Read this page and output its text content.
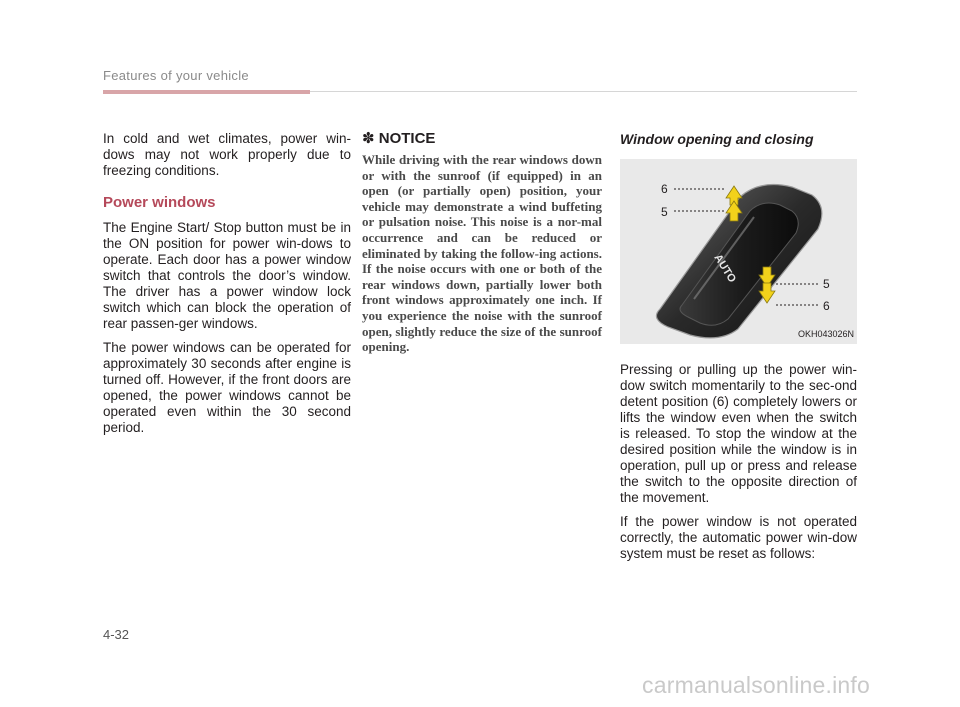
Features of your vehicle

In cold and wet climates, power win-dows may not work properly due to freezing conditions.

Power windows

The Engine Start/ Stop button must be in the ON position for power win-dows to operate. Each door has a power window switch that controls the door’s window. The driver has a power window lock switch which can block the operation of rear passen-ger windows.

The power windows can be operated for approximately 30 seconds after engine is turned off. However, if the front doors are opened, the power windows cannot be operated even within the 30 second period.

✽ NOTICE

While driving with the rear windows down or with the sunroof (if equipped) in an open (or partially open) position, your vehicle may demonstrate a wind buffeting or pulsation noise. This noise is a nor-mal occurrence and can be reduced or eliminated by taking the follow-ing actions. If the noise occurs with one or both of the rear windows down, partially lower both front windows approximately one inch. If you experience the noise with the sunroof open, slightly reduce the size of the sunroof opening.

Window opening and closing
AUTO
6
5
5
6
OKH043026N

Pressing or pulling up the power win-dow switch momentarily to the sec-ond detent position (6) completely lowers or lifts the window even when the switch is released. To stop the window at the desired position while the window is in operation, pull up or press and release the switch to the opposite direction of the movement.

If the power window is not operated correctly, the automatic power win-dow system must be reset as follows:

4-32
carmanualsonline.info
